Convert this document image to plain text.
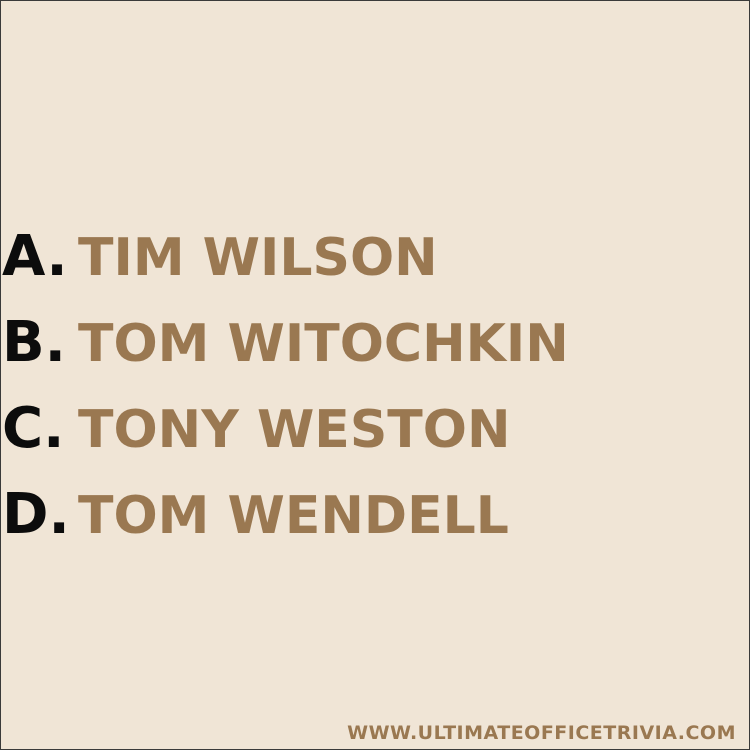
A. TIM WILSON
B. TOM WITOCHKIN
C. TONY WESTON
D. TOM WENDELL
WWW.ULTIMATEOFFICETRIVIA.COM
